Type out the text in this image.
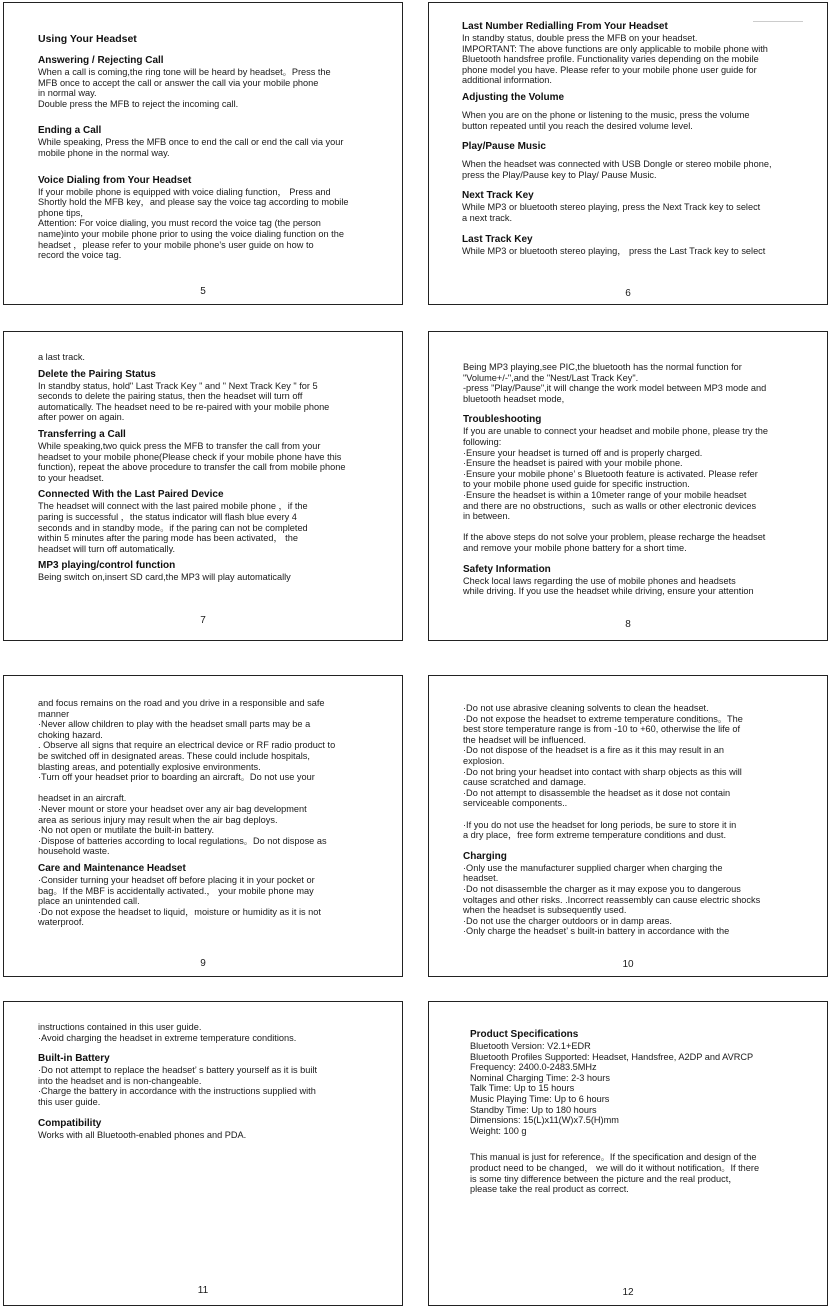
Using Your Headset
Answering / Rejecting Call

When a call is coming,the ring tone will be heard by headset。Press the
MFB once to accept the call or answer the call via your mobile phone
in normal way.
Double press the MFB to reject the incoming call.

Ending a Call

While speaking, Press the MFB once to end the call or end the call via your
mobile phone in the normal way.

Voice Dialing from Your Headset

If your mobile phone is equipped with voice dialing function， Press and
Shortly hold the MFB key，and please say the voice tag according to mobile
phone tips,
Attention: For voice dialing, you must record the voice tag (the person
name)into your mobile phone prior to using the voice dialing function on the
headset ，please refer to your mobile phone’s user guide on how to
record the voice tag.

5
Last Number Redialling From Your Headset

In standby status, double press the MFB on your headset.
IMPORTANT: The above functions are only applicable to mobile phone with
Bluetooth handsfree profile. Functionality varies depending on the mobile
phone model you have. Please refer to your mobile phone user guide for
additional information.

Adjusting the Volume

When you are on the phone or listening to the music, press the volume
button repeated until you reach the desired volume level.

Play/Pause Music

When the headset was connected with USB Dongle or stereo mobile phone,
press the Play/Pause key to Play/ Pause Music.

Next Track Key

While MP3 or bluetooth stereo playing, press the Next Track key to select
a next track.

Last Track Key

While MP3 or bluetooth stereo playing， press the Last Track key to select

6

a last track.

Delete the Pairing Status

In standby status, hold" Last Track Key " and " Next Track Key " for 5
seconds to delete the pairing status, then the headset will turn off
automatically. The headset need to be re-paired with your mobile phone
after power on again.

Transferring a Call

While speaking,two quick press the MFB to transfer the call from your
headset to your mobile phone(Please check if your mobile phone have this
function), repeat the above procedure to transfer the call from mobile phone
to your headset.

Connected With the Last Paired Device

The headset will connect with the last paired mobile phone ，if the
paring is successful ，the status indicator will flash blue every 4
seconds and in standby mode。if the paring can not be completed
within 5 minutes after the paring mode has been activated， the
headset will turn off automatically.

MP3 playing/control function

Being switch on,insert SD card,the MP3 will play automatically

7

Being MP3 playing,see PIC,the bluetooth has the normal function for
"Volume+/-",and the "Nest/Last Track Key".
-press "Play/Pause",it will change the work model between MP3 mode and
bluetooth headset mode,

Troubleshooting

If you are unable to connect your headset and mobile phone, please try the
following:
·Ensure your headset is turned off and is properly charged.
·Ensure the headset is paired with your mobile phone.
·Ensure your mobile phone’ s Bluetooth feature is activated. Please refer
to your mobile phone used guide for specific instruction.
·Ensure the headset is within a 10meter range of your mobile headset
and there are no obstructions，such as walls or other electronic devices
in between.

If the above steps do not solve your problem, please recharge the headset
and remove your mobile phone battery for a short time.

Safety Information

Check local laws regarding the use of mobile phones and headsets
while driving. If you use the headset while driving, ensure your attention

8

and focus remains on the road and you drive in a responsible and safe
manner
·Never allow children to play with the headset small parts may be a
choking hazard.
. Observe all signs that require an electrical device or RF radio product to
be switched off in designated areas. These could include hospitals,
blasting areas, and potentially explosive environments.
·Turn off your headset prior to boarding an aircraft。Do not use your

headset in an aircraft.
·Never mount or store your headset over any air bag development
area as serious injury may result when the air bag deploys.
·No not open or mutilate the built-in battery.
·Dispose of batteries according to local regulations。Do not dispose as
household waste.

Care and Maintenance Headset

·Consider turning your headset off before placing it in your pocket or
bag。If the MBF is accidentally activated.， your mobile phone may
place an unintended call.
·Do not expose the headset to liquid，moisture or humidity as it is not
waterproof.

9

·Do not use abrasive cleaning solvents to clean the headset.
·Do not expose the headset to extreme temperature conditions。The
best store temperature range is from -10 to +60, otherwise the life of
the headset will be influenced.
·Do not dispose of the headset is a fire as it this may result in an
explosion.
·Do not bring your headset into contact with sharp objects as this will
cause scratched and damage.
·Do not attempt to disassemble the headset as it dose not contain
serviceable components..

·If you do not use the headset for long periods, be sure to store it in
a dry place，free form extreme temperature conditions and dust.

Charging

·Only use the manufacturer supplied charger when charging the
headset.
·Do not disassemble the charger as it may expose you to dangerous
voltages and other risks. .Incorrect reassembly can cause electric shocks
when the headset is subsequently used.
·Do not use the charger outdoors or in damp areas.
·Only charge the headset’ s built-in battery in accordance with the

10

instructions contained in this user guide.
·Avoid charging the headset in extreme temperature conditions.

Built-in Battery

·Do not attempt to replace the headset’ s battery yourself as it is built
into the headset and is non-changeable.
·Charge the battery in accordance with the instructions supplied with
this user guide.

Compatibility

Works with all Bluetooth-enabled phones and PDA.

11
Product Specifications

Bluetooth Version: V2.1+EDR
Bluetooth Profiles Supported: Headset, Handsfree, A2DP and AVRCP
Frequency: 2400.0-2483.5MHz
Nominal Charging Time: 2-3 hours
Talk Time: Up to 15 hours
Music Playing Time: Up to 6 hours
Standby Time: Up to 180 hours
Dimensions: 15(L)x11(W)x7.5(H)mm
Weight: 100 g

This manual is just for reference。If the specification and design of the
product need to be changed， we will do it without notification。If there
is some tiny difference between the picture and the real product，
please take the real product as correct.

12
